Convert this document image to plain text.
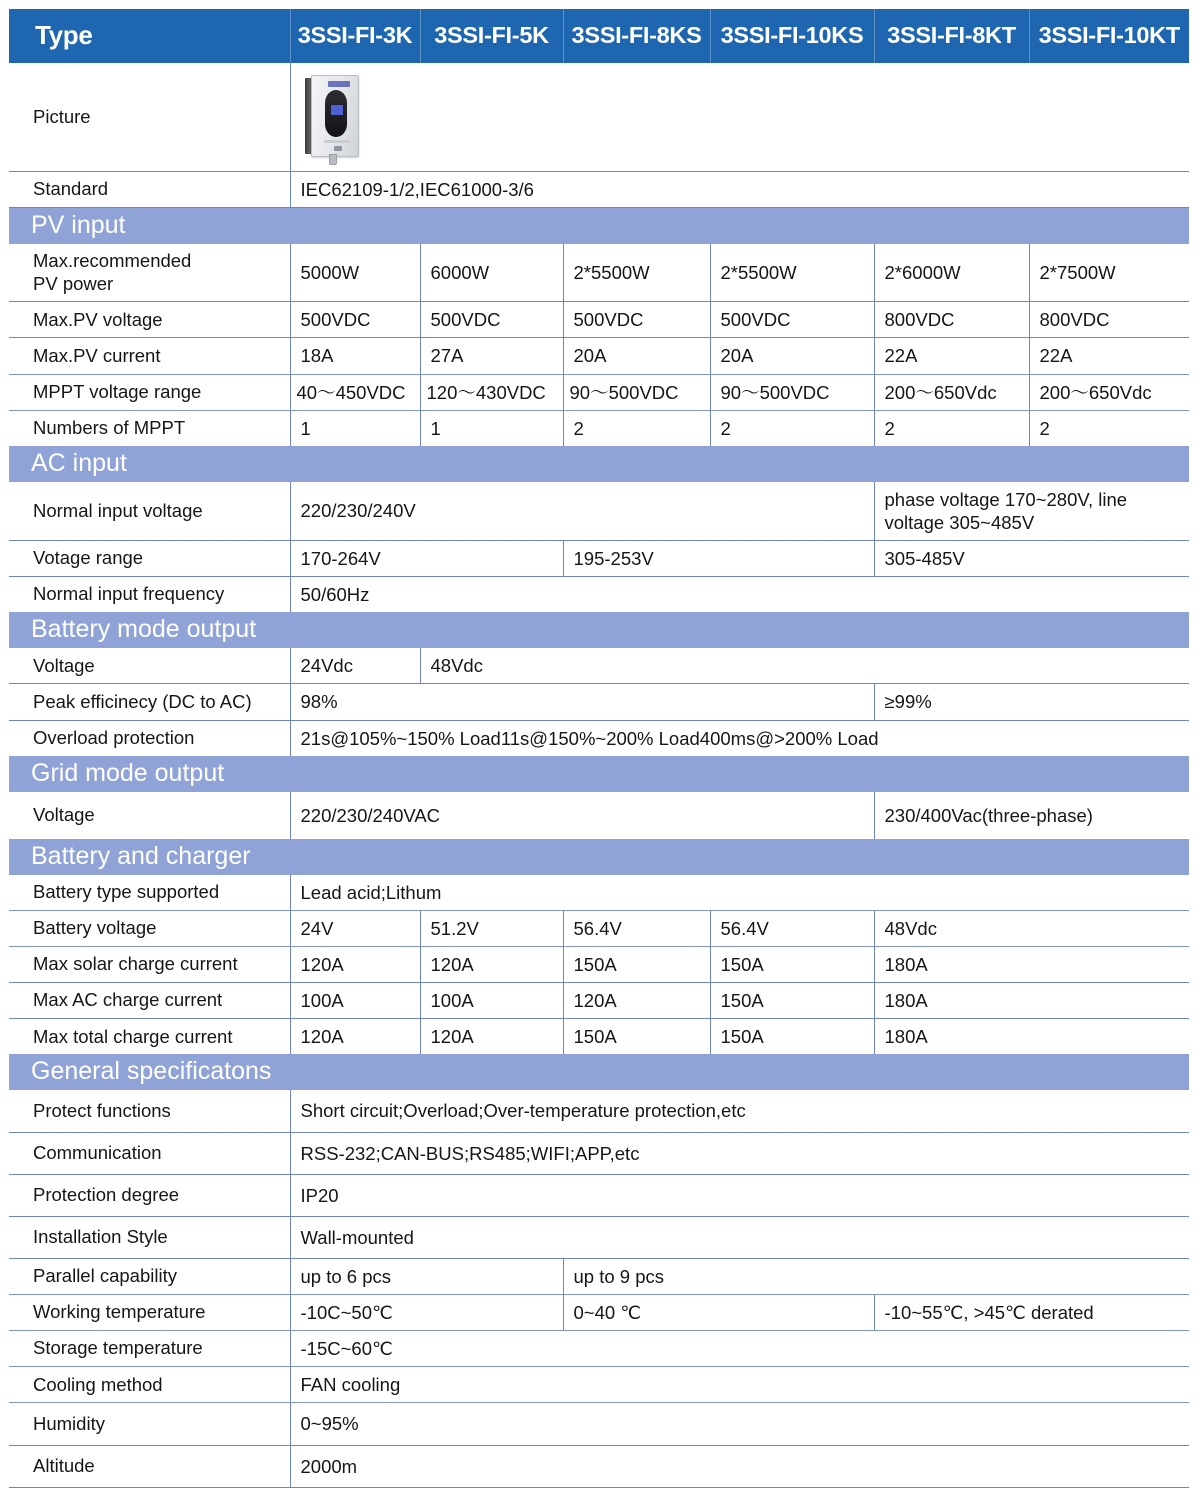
Type	3SSI-FI-3K	3SSI-FI-5K	3SSI-FI-8KS	3SSI-FI-10KS	3SSI-FI-8KT	3SSI-FI-10KT
Picture						

Standard	IEC62109-1/2,IEC61000-3/6					
PV input						
Max.recommended
PV power	5000W	6000W	2*5500W	2*5500W	2*6000W	2*7500W
Max.PV voltage	500VDC	500VDC	500VDC	500VDC	800VDC	800VDC
Max.PV current	18A	27A	20A	20A	22A	22A
MPPT voltage range	40～450VDC	120～430VDC	90～500VDC	90～500VDC	200～650Vdc	200～650Vdc
Numbers of MPPT	1	1	2	2	2	2
AC input						
Normal input voltage	220/230/240V				phase voltage 170~280V, line voltage 305~485V	
Votage range	170-264V		195-253V		305-485V	
Normal input frequency	50/60Hz					
Battery mode output						
Voltage	24Vdc	48Vdc				
Peak efficinecy (DC to AC)	98%				≥99%	
Overload protection	21s@105%~150% Load11s@150%~200% Load400ms@>200% Load					
Grid mode output						
Voltage	220/230/240VAC				230/400Vac(three-phase)	
Battery and charger						
Battery type supported	Lead acid;Lithum					
Battery voltage	24V	51.2V	56.4V	56.4V	48Vdc	
Max solar charge current	120A	120A	150A	150A	180A	
Max AC charge current	100A	100A	120A	150A	180A	
Max total charge current	120A	120A	150A	150A	180A	
General specificatons						
Protect functions	Short circuit;Overload;Over-temperature protection,etc					
Communication	RSS-232;CAN-BUS;RS485;WIFI;APP,etc					
Protection degree	IP20					
Installation Style	Wall-mounted					
Parallel capability	up to 6 pcs		up to 9 pcs			
Working temperature	-10C~50℃		0~40 ℃		-10~55℃, >45℃ derated	
Storage temperature	-15C~60℃					
Cooling method	FAN cooling					
Humidity	0~95%					
Altitude	2000m					
